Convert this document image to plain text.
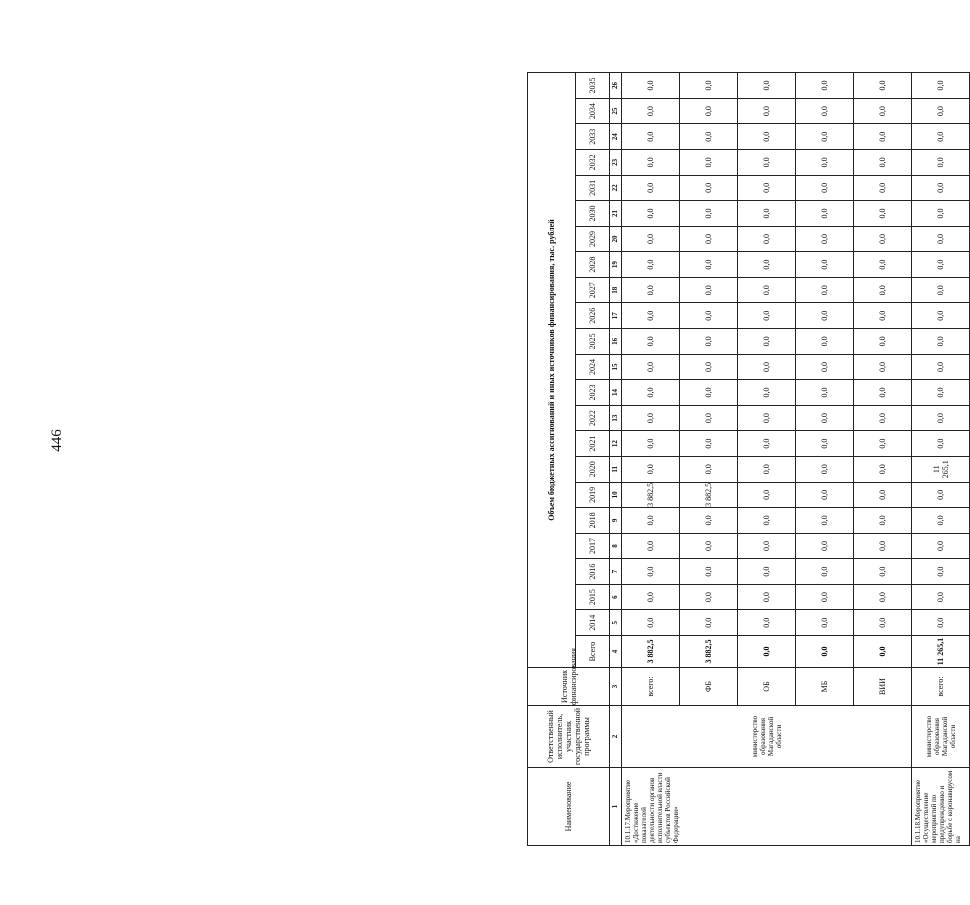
446
Наименование	Ответственный исполнитель, участник государственной программы	Источник финансирования	Объем бюджетных ассигнований и иных источников финансирования, тыс. рублей																						
			Всего	2014	2015	2016	2017	2018	2019	2020	2021	2022	2023	2024	2025	2026	2027	2028	2029	2030	2031	2032	2033	2034	2035
1	2	3	4	5	6	7	8	9	10	11	12	13	14	15	16	17	18	19	20	21	22	23	24	25	26
10.1.17.Мероприятие «Достижение показателей деятельности органов исполнительной власти субъектов Российской Федерации»	министерство образования Магаданской области	всего:	3 882,5	0,0	0,0	0,0	0,0	0,0	3 882,5	0,0	0,0	0,0	0,0	0,0	0,0	0,0	0,0	0,0	0,0	0,0	0,0	0,0	0,0	0,0	0,0
		ФБ	3 882,5	0,0	0,0	0,0	0,0	0,0	3 882,5	0,0	0,0	0,0	0,0	0,0	0,0	0,0	0,0	0,0	0,0	0,0	0,0	0,0	0,0	0,0	0,0
		ОБ	0,0	0,0	0,0	0,0	0,0	0,0	0,0	0,0	0,0	0,0	0,0	0,0	0,0	0,0	0,0	0,0	0,0	0,0	0,0	0,0	0,0	0,0	0,0
		МБ	0,0	0,0	0,0	0,0	0,0	0,0	0,0	0,0	0,0	0,0	0,0	0,0	0,0	0,0	0,0	0,0	0,0	0,0	0,0	0,0	0,0	0,0	0,0
		ВИИ	0,0	0,0	0,0	0,0	0,0	0,0	0,0	0,0	0,0	0,0	0,0	0,0	0,0	0,0	0,0	0,0	0,0	0,0	0,0	0,0	0,0	0,0	0,0
10.1.18.Мероприятие «Осуществление мероприятий по предупреждению и борьбе с коронавирусом на	министерство образования Магаданской области	всего:	11 265,1	0,0	0,0	0,0	0,0	0,0	0,0	11 265,1	0,0	0,0	0,0	0,0	0,0	0,0	0,0	0,0	0,0	0,0	0,0	0,0	0,0	0,0	0,0
